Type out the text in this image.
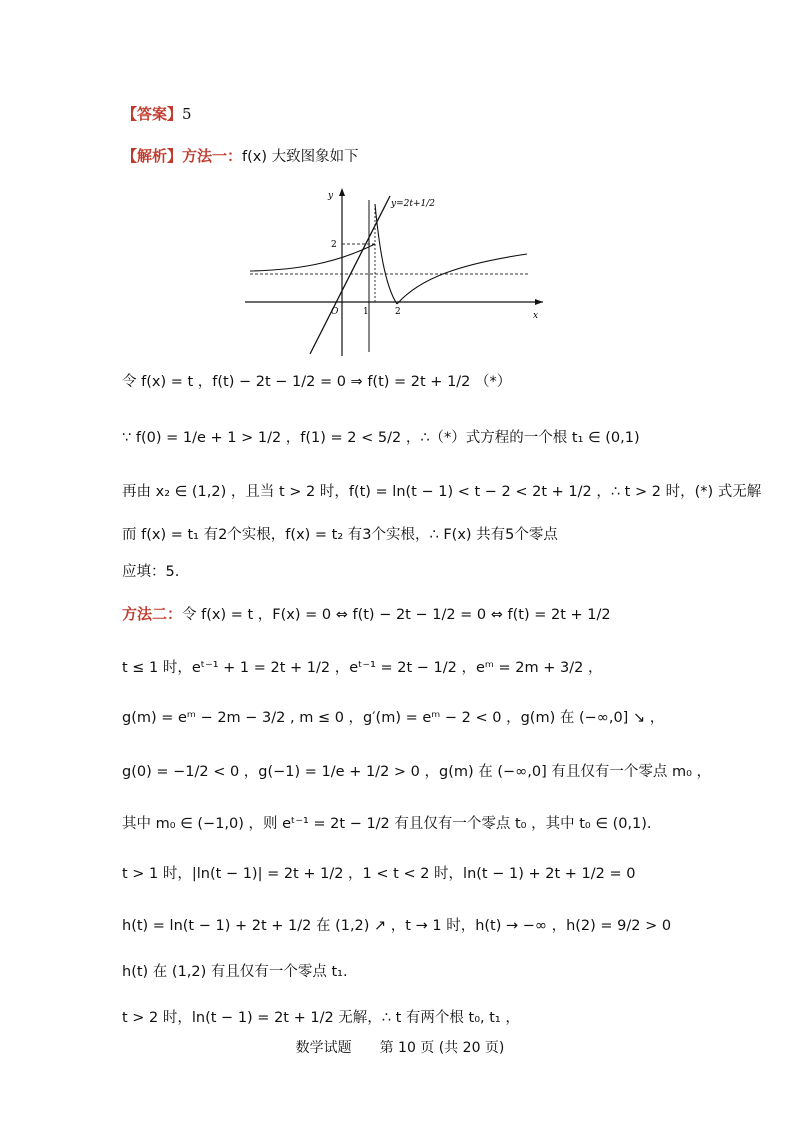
【答案】5
【解析】方法一：f(x) 大致图象如下
y
x
O	1	2
2
y=2t+1/2
令 f(x) = t ，f(t) − 2t − 1/2 = 0 ⇒ f(t) = 2t + 1/2 （*）
∵ f(0) = 1/e + 1 > 1/2 ，f(1) = 2 < 5/2 ，∴（*）式方程的一个根 t₁ ∈ (0,1)
再由 x₂ ∈ (1,2) ，且当 t > 2 时，f(t) = ln(t − 1) < t − 2 < 2t + 1/2 ，∴ t > 2 时，(*) 式无解
而 f(x) = t₁ 有2个实根，f(x) = t₂ 有3个实根，∴ F(x) 共有5个零点
应填：5.
方法二：令 f(x) = t ，F(x) = 0 ⇔ f(t) − 2t − 1/2 = 0 ⇔ f(t) = 2t + 1/2
t ≤ 1 时，eᵗ⁻¹ + 1 = 2t + 1/2 ，eᵗ⁻¹ = 2t − 1/2 ，eᵐ = 2m + 3/2 ，
g(m) = eᵐ − 2m − 3/2 , m ≤ 0 ，g′(m) = eᵐ − 2 < 0 ，g(m) 在 (−∞,0] ↘ ，
g(0) = −1/2 < 0 ，g(−1) = 1/e + 1/2 > 0 ，g(m) 在 (−∞,0] 有且仅有一个零点 m₀ ，
其中 m₀ ∈ (−1,0) ，则 eᵗ⁻¹ = 2t − 1/2 有且仅有一个零点 t₀ ，其中 t₀ ∈ (0,1).
t > 1 时，|ln(t − 1)| = 2t + 1/2 ，1 < t < 2 时，ln(t − 1) + 2t + 1/2 = 0
h(t) = ln(t − 1) + 2t + 1/2 在 (1,2) ↗ ，t → 1 时，h(t) → −∞ ，h(2) = 9/2 > 0
h(t) 在 (1,2) 有且仅有一个零点 t₁.
t > 2 时，ln(t − 1) = 2t + 1/2 无解，∴ t 有两个根 t₀, t₁ ，
数学试题　　第 10 页 (共 20 页)
